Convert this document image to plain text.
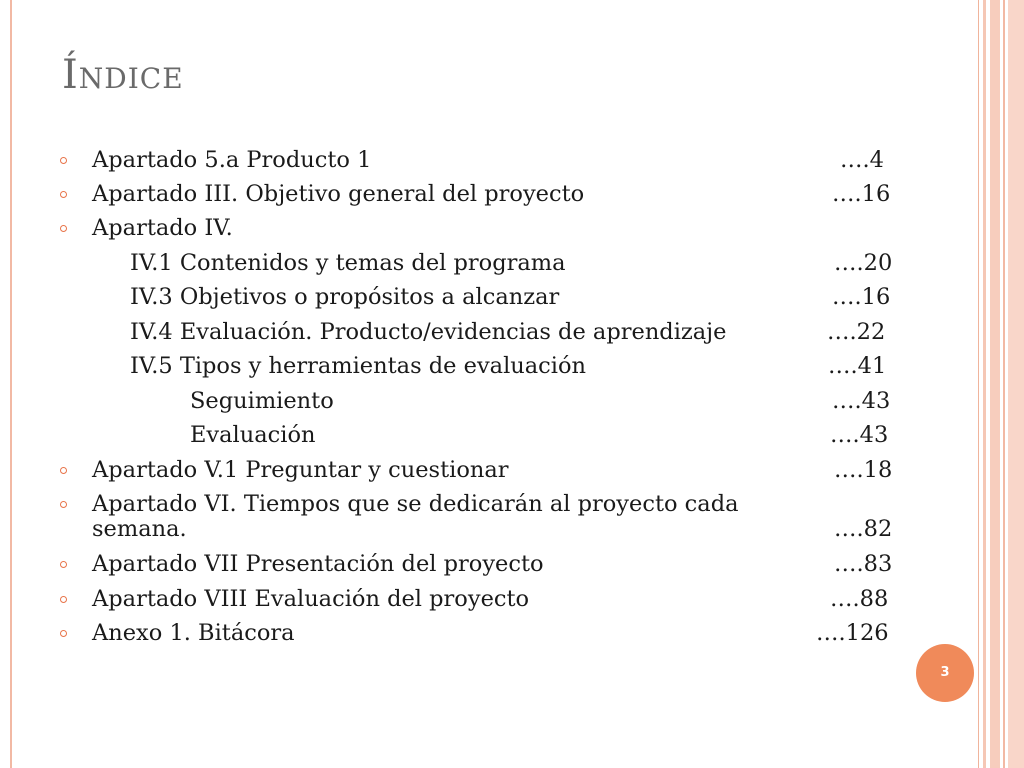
Índice
Apartado 5.a Producto 1	….4
Apartado III. Objetivo general del proyecto	….16
Apartado IV.
IV.1 Contenidos y temas del programa	….20
IV.3 Objetivos o propósitos a alcanzar	….16
IV.4 Evaluación. Producto/evidencias de aprendizaje	….22
IV.5 Tipos y herramientas de evaluación	….41
Seguimiento	….43
Evaluación	….43
Apartado V.1 Preguntar y cuestionar	….18
Apartado VI. Tiempos que se dedicarán al proyecto cada
semana.	….82
Apartado VII Presentación del proyecto	….83
Apartado VIII Evaluación del proyecto	….88
Anexo 1. Bitácora	….126
3
